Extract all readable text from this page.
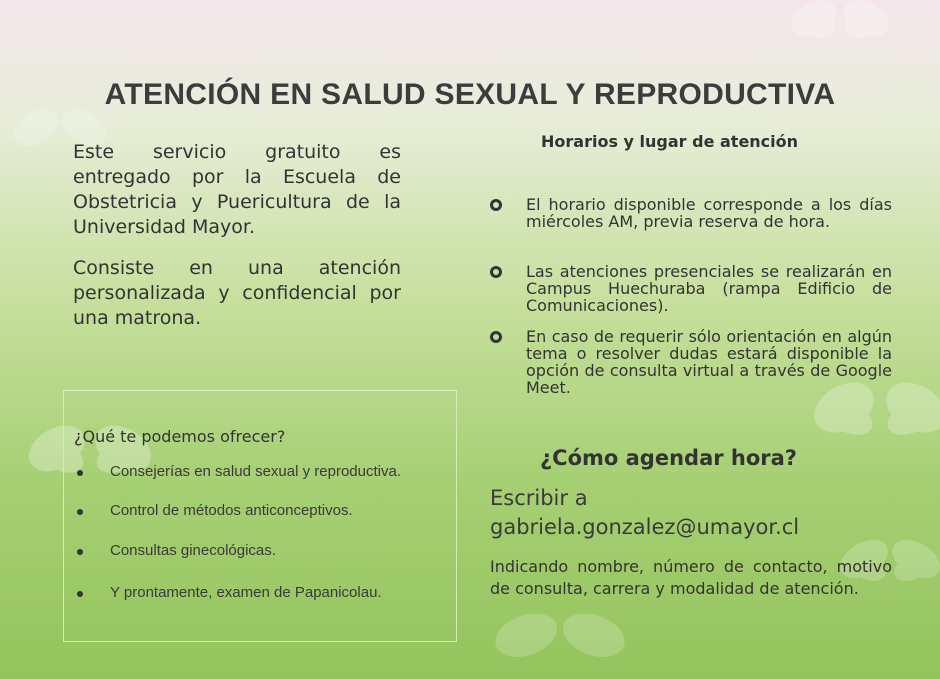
ATENCIÓN EN SALUD SEXUAL Y REPRODUCTIVA

Este servicio gratuito es entregado por la Escuela de Obstetricia y Puericultura de la Universidad Mayor.

Consiste en una atención personalizada y confidencial por una matrona.

¿Qué te podemos ofrecer?

Consejerías en salud sexual y reproductiva.
Control de métodos anticonceptivos.
Consultas ginecológicas.
Y prontamente, examen de Papanicolau.

Horarios y lugar de atención

El horario disponible corresponde a los días miércoles AM, previa reserva de hora.
Las atenciones presenciales se realizarán en Campus Huechuraba (rampa Edificio de Comunicaciones).
En caso de requerir sólo orientación en algún tema o resolver dudas estará disponible la opción de consulta virtual a través de Google Meet.

¿Cómo agendar hora?

Escribir a

gabriela.gonzalez@umayor.cl

Indicando nombre, número de contacto, motivo de consulta, carrera y modalidad de atención.
